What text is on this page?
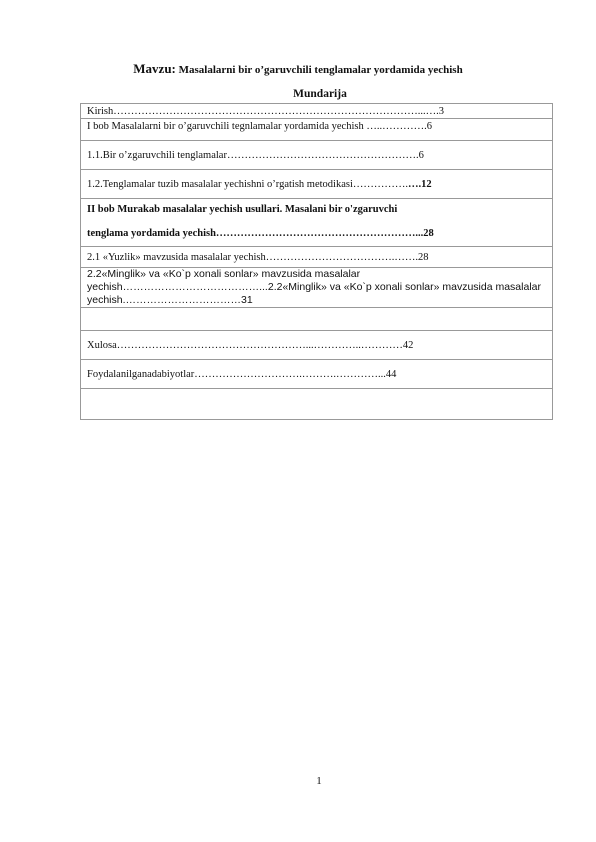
Mavzu: Masalalarni bir o’garuvchili tenglamalar yordamida yechish
Mundarija
Kirish……………………………………………………………………………...….3
I bob Masalalarni bir o’garuvchili tegnlamalar yordamida yechish …..………….6
1.1.Bir o’zgaruvchili tenglamalar……………………………………………….6
1.2.Tenglamalar tuzib masalalar yechishni o’rgatish metodikasi…………….….12

II bob Murakab masalalar yechish usullari. Masalani bir o'zgaruvchi
tenglama yordamida yechish…………………………………………………...28

2.1 «Yuzlik» mavzusida masalalar yechish……………………………….…….28
2.2«Minglik» va «Ko`p xonali sonlar» mavzusida masalalar yechish…………………………………...2.2«Minglik» va «Ko`p xonali sonlar» mavzusida masalalar yechish.……………………………31

Xulosa………………………………………………...…………..…………42
Foydalanilganadabiyotlar………………………….……….…………...44

1
